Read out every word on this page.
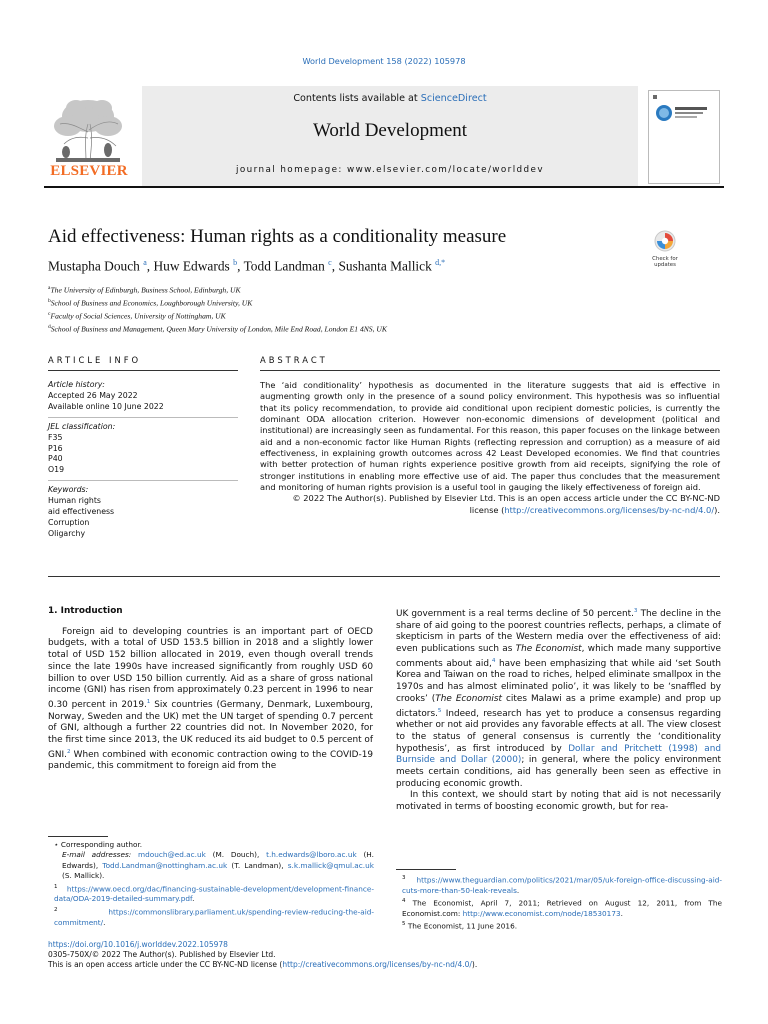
World Development 158 (2022) 105978
ELSEVIER
Contents lists available at ScienceDirect
World Development
journal homepage: www.elsevier.com/locate/worlddev
Aid effectiveness: Human rights as a conditionality measure
Mustapha Douch $^a$, Huw Edwards $^b$, Todd Landman $^c$, Sushanta Mallick $^{d,*}$	Check for updates
$^a$The University of Edinburgh, Business School, Edinburgh, UK
$^b$School of Business and Economics, Loughborough University, UK
$^c$Faculty of Social Sciences, University of Nottingham, UK
$^d$School of Business and Management, Queen Mary University of London, Mile End Road, London E1 4NS, UK
ARTICLE INFO	ABSTRACT
Article history:
Accepted 26 May 2022
Available online 10 June 2022
JEL classification:
F35
P16
P40
O19
Keywords:
Human rights
aid effectiveness
Corruption
Oligarchy
The ‘aid conditionality’ hypothesis as documented in the literature suggests that aid is effective in augmenting growth only in the presence of a sound policy environment. This hypothesis was so influential that its policy recommendation, to provide aid conditional upon recipient domestic policies, is currently the dominant ODA allocation criterion. However non-economic dimensions of development (political and institutional) are increasingly seen as fundamental. For this reason, this paper focuses on the linkage between aid and a non-economic factor like Human Rights (reflecting repression and corruption) as a measure of aid effectiveness, in explaining growth outcomes across 42 Least Developed economies. We find that countries with better protection of human rights experience positive growth from aid receipts, signifying the role of stronger institutions in enabling more effective use of aid. The paper thus concludes that the measurement and monitoring of human rights provision is a useful tool in gauging the likely effectiveness of foreign aid.
© 2022 The Author(s). Published by Elsevier Ltd. This is an open access article under the CC BY-NC-ND
license (http://creativecommons.org/licenses/by-nc-nd/4.0/).

1. Introduction

Foreign aid to developing countries is an important part of OECD budgets, with a total of USD 153.5 billion in 2018 and a slightly lower total of USD 152 billion allocated in 2019, even though overall trends since the late 1990s have increased significantly from roughly USD 60 billion to over USD 150 billion currently. Aid as a share of gross national income (GNI) has risen from approximately 0.23 percent in 1996 to near 0.30 percent in 2019.$^1$ Six countries (Germany, Denmark, Luxembourg, Norway, Sweden and the UK) met the UN target of spending 0.7 percent of GNI, although a further 22 countries did not. In November 2020, for the first time since 2013, the UK reduced its aid budget to 0.5 percent of GNI.$^2$ When combined with economic contraction owing to the COVID-19 pandemic, this commitment to foreign aid from the

UK government is a real terms decline of 50 percent.$^3$ The decline in the share of aid going to the poorest countries reflects, perhaps, a climate of skepticism in parts of the Western media over the effectiveness of aid: even publications such as The Economist, which made many supportive comments about aid,$^4$ have been emphasizing that while aid ‘set South Korea and Taiwan on the road to riches, helped eliminate smallpox in the 1970s and has almost eliminated polio’, it was likely to be ‘snaffled by crooks’ (The Economist cites Malawi as a prime example) and prop up dictators.$^5$ Indeed, research has yet to produce a consensus regarding whether or not aid provides any favorable effects at all. The view closest to the status of general consensus is currently the ‘conditionality hypothesis’, as first introduced by Dollar and Pritchett (1998) and Burnside and Dollar (2000); in general, where the policy environment meets certain conditions, aid has generally been seen as effective in producing economic growth.

In this context, we should start by noting that aid is not necessarily motivated in terms of boosting economic growth, but for rea-

⋆ Corresponding author.
E-mail addresses: mdouch@ed.ac.uk (M. Douch), t.h.edwards@lboro.ac.uk (H. Edwards), Todd.Landman@nottingham.ac.uk (T. Landman), s.k.mallick@qmul.ac.uk (S. Mallick).
$^1$ https://www.oecd.org/dac/financing-sustainable-development/development-finance-data/ODA-2019-detailed-summary.pdf.
$^2$	https://commonslibrary.parliament.uk/spending-review-reducing-the-aid-commitment/.
$^3$ https://www.theguardian.com/politics/2021/mar/05/uk-foreign-office-discussing-aid-cuts-more-than-50-leak-reveals.
$^4$ The Economist, April 7, 2011; Retrieved on August 12, 2011, from The Economist.com: http://www.economist.com/node/18530173.
$^5$ The Economist, 11 June 2016.
https://doi.org/10.1016/j.worlddev.2022.105978
0305-750X/© 2022 The Author(s). Published by Elsevier Ltd.
This is an open access article under the CC BY-NC-ND license (http://creativecommons.org/licenses/by-nc-nd/4.0/).
